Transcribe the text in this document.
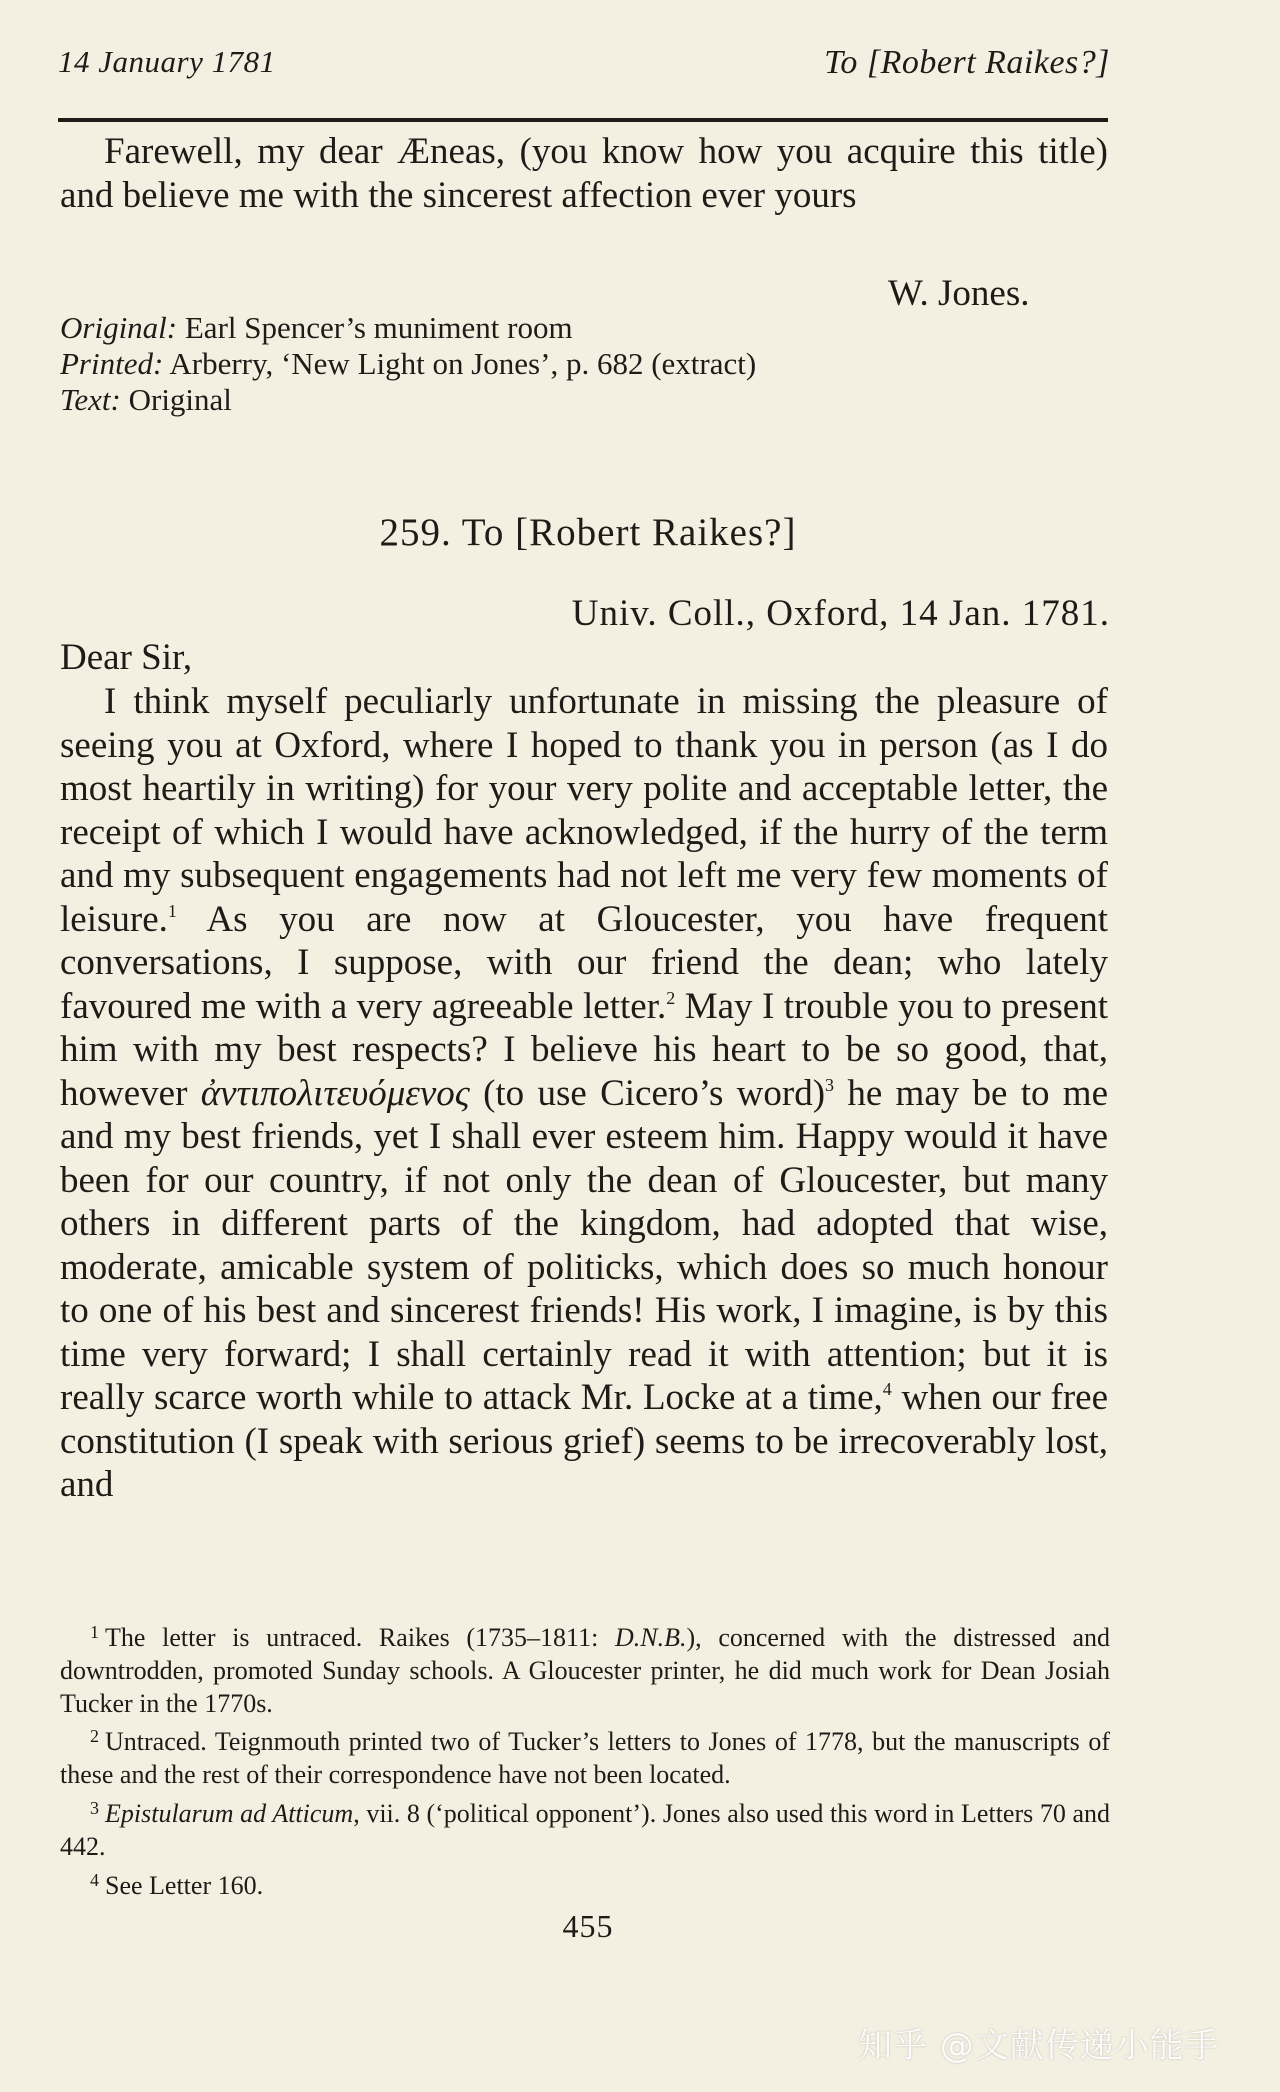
14 January 1781	To [Robert Raikes?]

Farewell, my dear Æneas, (you know how you acquire this title) and believe me with the sincerest affection ever yours

W. Jones.
Original: Earl Spencer’s muniment room
Printed: Arberry, ‘New Light on Jones’, p. 682 (extract)
Text: Original
259. To [Robert Raikes?]
Univ. Coll., Oxford, 14 Jan. 1781.
Dear Sir,

I think myself peculiarly unfortunate in missing the pleasure of seeing you at Oxford, where I hoped to thank you in person (as I do most heartily in writing) for your very polite and acceptable letter, the receipt of which I would have acknowledged, if the hurry of the term and my subsequent engagements had not left me very few moments of leisure.$^1$ As you are now at Gloucester, you have frequent conversations, I suppose, with our friend the dean; who lately favoured me with a very agreeable letter.$^2$ May I trouble you to present him with my best respects? I believe his heart to be so good, that, however ἀντιπολιτευόμενος (to use Cicero’s word)$^3$ he may be to me and my best friends, yet I shall ever esteem him. Happy would it have been for our country, if not only the dean of Gloucester, but many others in different parts of the kingdom, had adopted that wise, moderate, amicable system of politicks, which does so much honour to one of his best and sincerest friends! His work, I imagine, is by this time very forward; I shall certainly read it with attention; but it is really scarce worth while to attack Mr. Locke at a time,$^4$ when our free constitution (I speak with serious grief) seems to be irrecoverably lost, and

$^1$ The letter is untraced. Raikes (1735–1811: D.N.B.), concerned with the distressed and downtrodden, promoted Sunday schools. A Gloucester printer, he did much work for Dean Josiah Tucker in the 1770s.

$^2$ Untraced. Teignmouth printed two of Tucker’s letters to Jones of 1778, but the manuscripts of these and the rest of their correspondence have not been located.

$^3$ Epistularum ad Atticum, vii. 8 (‘political opponent’). Jones also used this word in Letters 70 and 442.

$^4$ See Letter 160.

455
知乎 @文献传递小能手
